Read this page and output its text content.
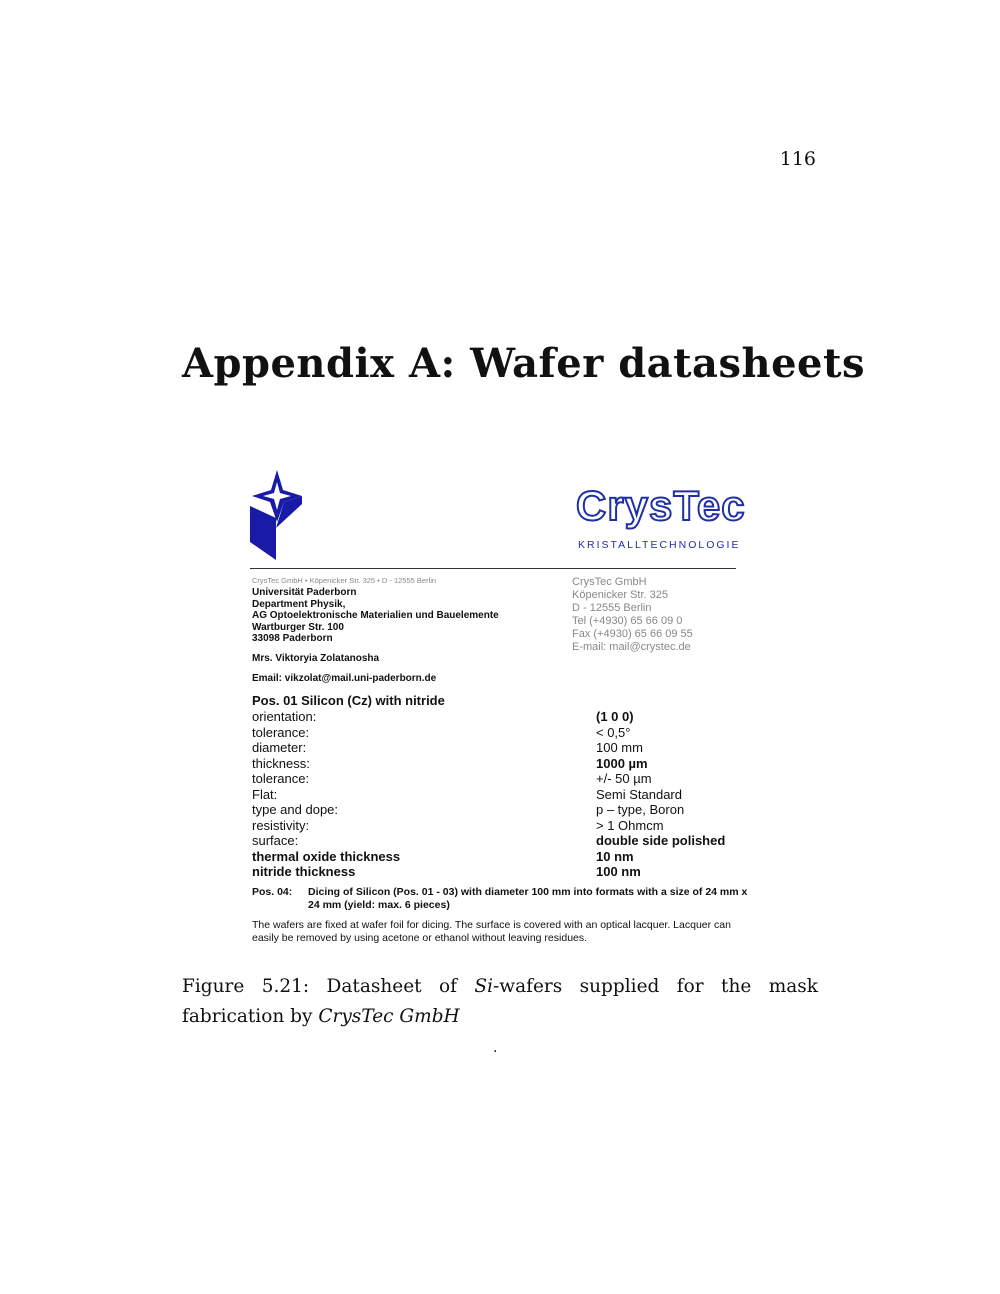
116
Appendix A: Wafer datasheets
CrysTec
KRISTALLTECHNOLOGIE
CrysTec GmbH • Köpenicker Str. 325 • D - 12555 Berlin
Universität Paderborn
Department Physik,
AG Optoelektronische Materialien und Bauelemente
Wartburger Str. 100
33098 Paderborn
Mrs. Viktoryia Zolatanosha
Email: vikzolat@mail.uni-paderborn.de
CrysTec GmbH
Köpenicker Str. 325
D - 12555 Berlin
Tel (+4930) 65 66 09 0
Fax (+4930) 65 66 09 55
E-mail: mail@crystec.de
Pos. 01 Silicon (Cz) with nitride
orientation:	(1 0 0)
tolerance:	< 0,5°
diameter:	100 mm
thickness:	1000 µm
tolerance:	+/- 50 µm
Flat:	Semi Standard
type and dope:	p – type, Boron
resistivity:	> 1 Ohmcm
surface:	double side polished
thermal oxide thickness	10 nm
nitride thickness	100 nm
Pos. 04: Dicing of Silicon (Pos. 01 - 03) with diameter 100 mm into formats with a size of 24 mm x 24 mm (yield: max. 6 pieces)
The wafers are fixed at wafer foil for dicing. The surface is covered with an optical lacquer. Lacquer can easily be removed by using acetone or ethanol without leaving residues.
Figure 5.21: Datasheet of Si-wafers supplied for the mask fabrication by CrysTec GmbH
.
